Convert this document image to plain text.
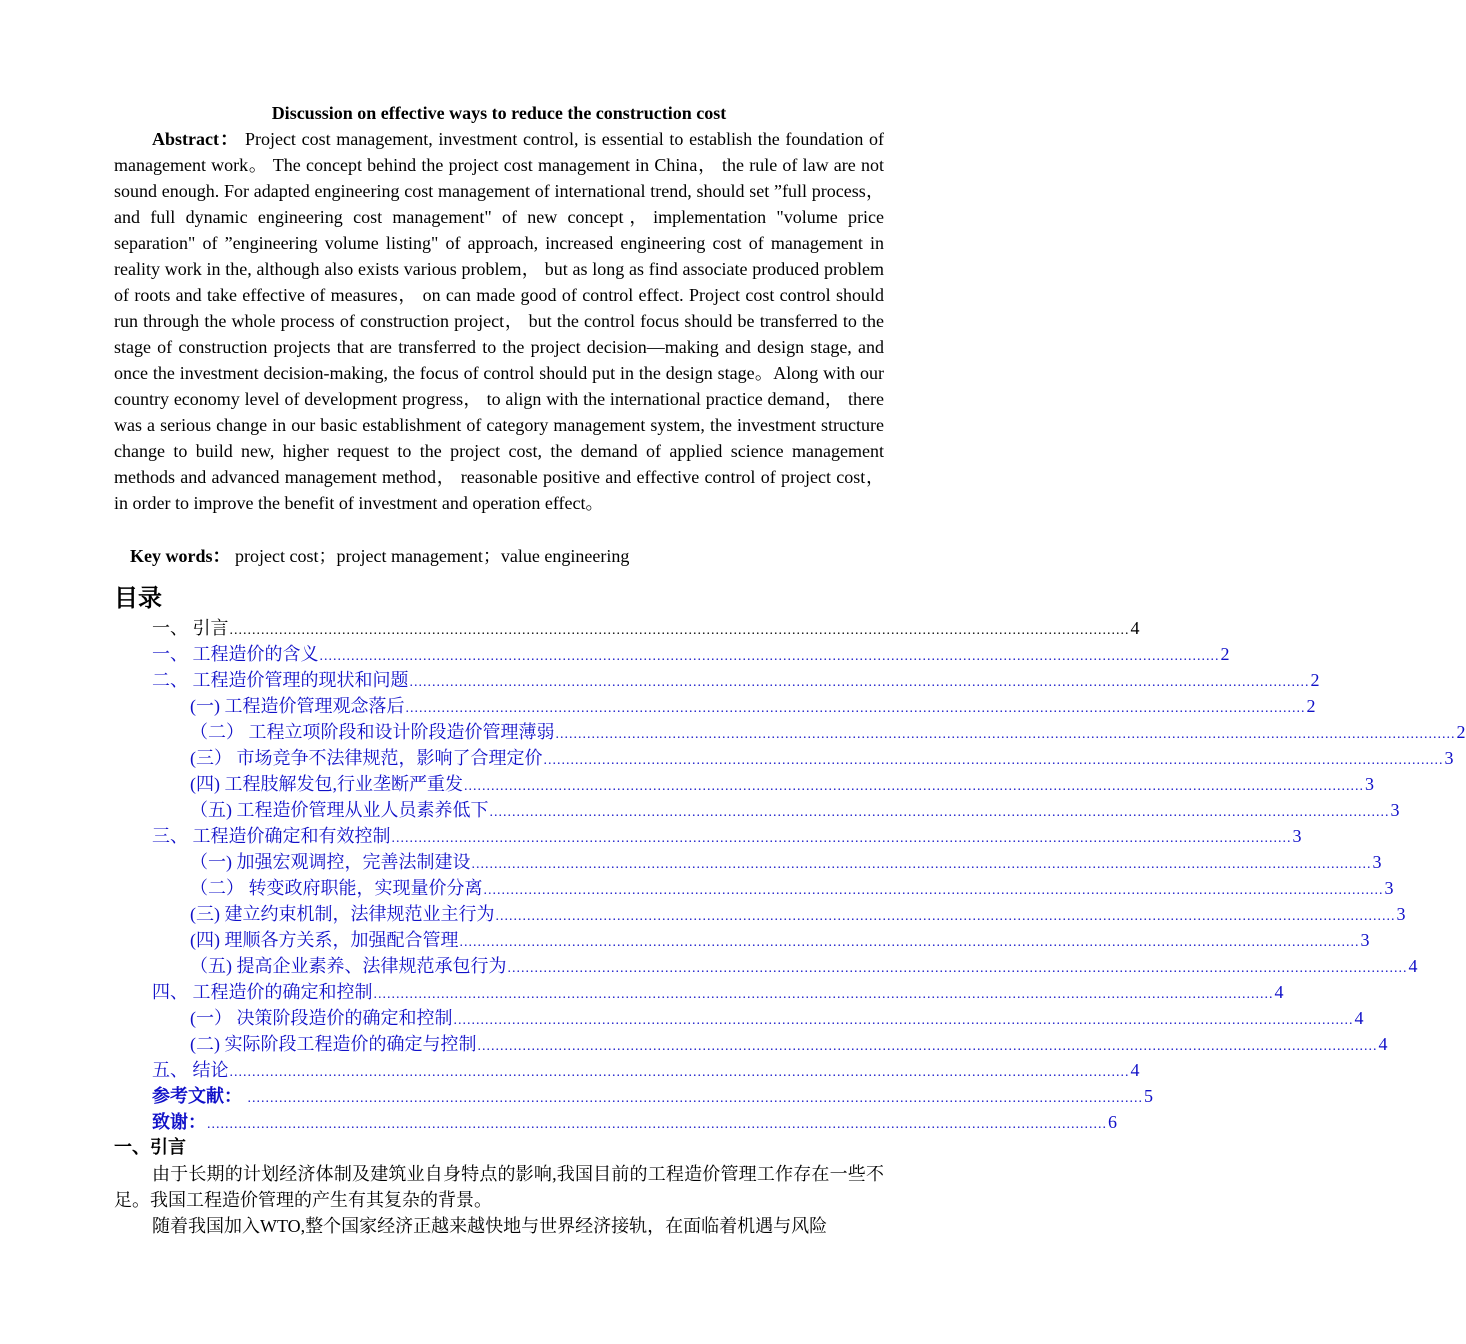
Discussion on effective ways to reduce the construction cost

Abstract： Project cost management, investment control, is essential to establish the foundation of management work。 The concept behind the project cost management in China， the rule of law are not sound enough. For adapted engineering cost management of international trend, should set ”full process， and full dynamic engineering cost management" of new concept，implementation "volume price separation" of ”engineering volume listing" of approach, increased engineering cost of management in reality work in the, although also exists various problem， but as long as find associate produced problem of roots and take effective of measures， on can made good of control effect. Project cost control should run through the whole process of construction project， but the control focus should be transferred to the stage of construction projects that are transferred to the project decision—making and design stage, and once the investment decision-making, the focus of control should put in the design stage。Along with our country economy level of development progress， to align with the international practice demand， there was a serious change in our basic establishment of category management system, the investment structure change to build new, higher request to the project cost, the demand of applied science management methods and advanced management method， reasonable positive and effective control of project cost， in order to improve the benefit of investment and operation effect。

Key words： project cost；project management；value engineering

目录
一、 引言 ........................................................................................................................................................................................................ 4
一、 工程造价的含义 ........................................................................................................................................................................................................ 2
二、 工程造价管理的现状和问题 ........................................................................................................................................................................................................ 2
(一) 工程造价管理观念落后 ........................................................................................................................................................................................................ 2
（二） 工程立项阶段和设计阶段造价管理薄弱 ........................................................................................................................................................................................................ 2
(三） 市场竞争不法律规范，影响了合理定价 ........................................................................................................................................................................................................ 3
(四) 工程肢解发包,行业垄断严重发 ........................................................................................................................................................................................................ 3
（五) 工程造价管理从业人员素养低下 ........................................................................................................................................................................................................ 3
三、 工程造价确定和有效控制 ........................................................................................................................................................................................................ 3
（一) 加强宏观调控，完善法制建设 ........................................................................................................................................................................................................ 3
（二） 转变政府职能，实现量价分离 ........................................................................................................................................................................................................ 3
(三) 建立约束机制，法律规范业主行为 ........................................................................................................................................................................................................ 3
(四) 理顺各方关系，加强配合管理 ........................................................................................................................................................................................................ 3
（五) 提高企业素养、法律规范承包行为 ........................................................................................................................................................................................................ 4
四、 工程造价的确定和控制 ........................................................................................................................................................................................................ 4
(一） 决策阶段造价的确定和控制 ........................................................................................................................................................................................................ 4
(二) 实际阶段工程造价的确定与控制 ........................................................................................................................................................................................................ 4
五、 结论 ........................................................................................................................................................................................................ 4
参考文献： ....................................................................................................................................................................................................... 5
致谢： ........................................................................................................................................................................................................ 6
一、引言

由于长期的计划经济体制及建筑业自身特点的影响,我国目前的工程造价管理工作存在一些不足。我国工程造价管理的产生有其复杂的背景。

随着我国加入WTO,整个国家经济正越来越快地与世界经济接轨，在面临着机遇与风险
